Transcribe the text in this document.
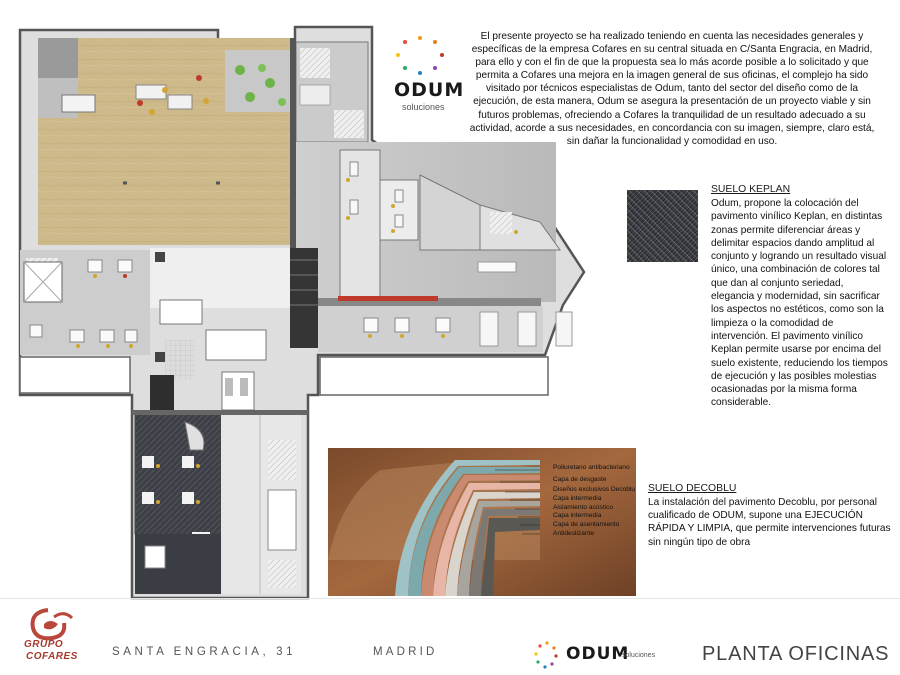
ODUM
soluciones

El presente proyecto se ha realizado teniendo en cuenta las necesidades generales y específicas de la empresa Cofares en su central situada en C/Santa Engracia, en Madrid, para ello y con el fin de que la propuesta sea lo más acorde posible a lo solicitado y que permita a Cofares una mejora en la imagen general de sus oficinas, el complejo ha sido visitado por técnicos especialistas de Odum, tanto del sector del diseño como de la ejecución, de esta manera, Odum se asegura la presentación de un proyecto viable y sin futuros problemas, ofreciendo a Cofares la tranquilidad de un resultado adecuado a su actividad, acorde a sus necesidades, en concordancia con su imagen, siempre, claro está, sin dañar la funcionalidad y comodidad en uso.

SUELO KEPLAN
Odum, propone la colocación del pavimento vinílico Keplan, en distintas zonas permite diferenciar áreas y delimitar espacios dando amplitud al conjunto y logrando un resultado visual único, una combinación de colores tal que dan al conjunto seriedad, elegancia y modernidad, sin sacrificar los aspectos no estéticos, como son la limpieza o la comodidad de intervención. El pavimento vinílico Keplan permite usarse por encima del suelo existente, reduciendo los tiempos de ejecución y las posibles molestias ocasionadas por la misma forma considerable.
Poliuretano antibacteriano
Capa de desgaste
Diseños exclusivos Decoblu
Capa intermedia
Aislamiento acústico
Capa intermedia
Capa de asentamiento
Antideslizante
SUELO DECOBLU
La instalación del pavimento Decoblu, por personal cualificado de ODUM, supone una EJECUCIÓN RÁPIDA Y LIMPIA, que permite intervenciones futuras sin ningún tipo de obra
GRUPO
COFARES	SANTA ENGRACIA, 31	MADRID	ODUM
soluciones PLANTA OFICINAS
